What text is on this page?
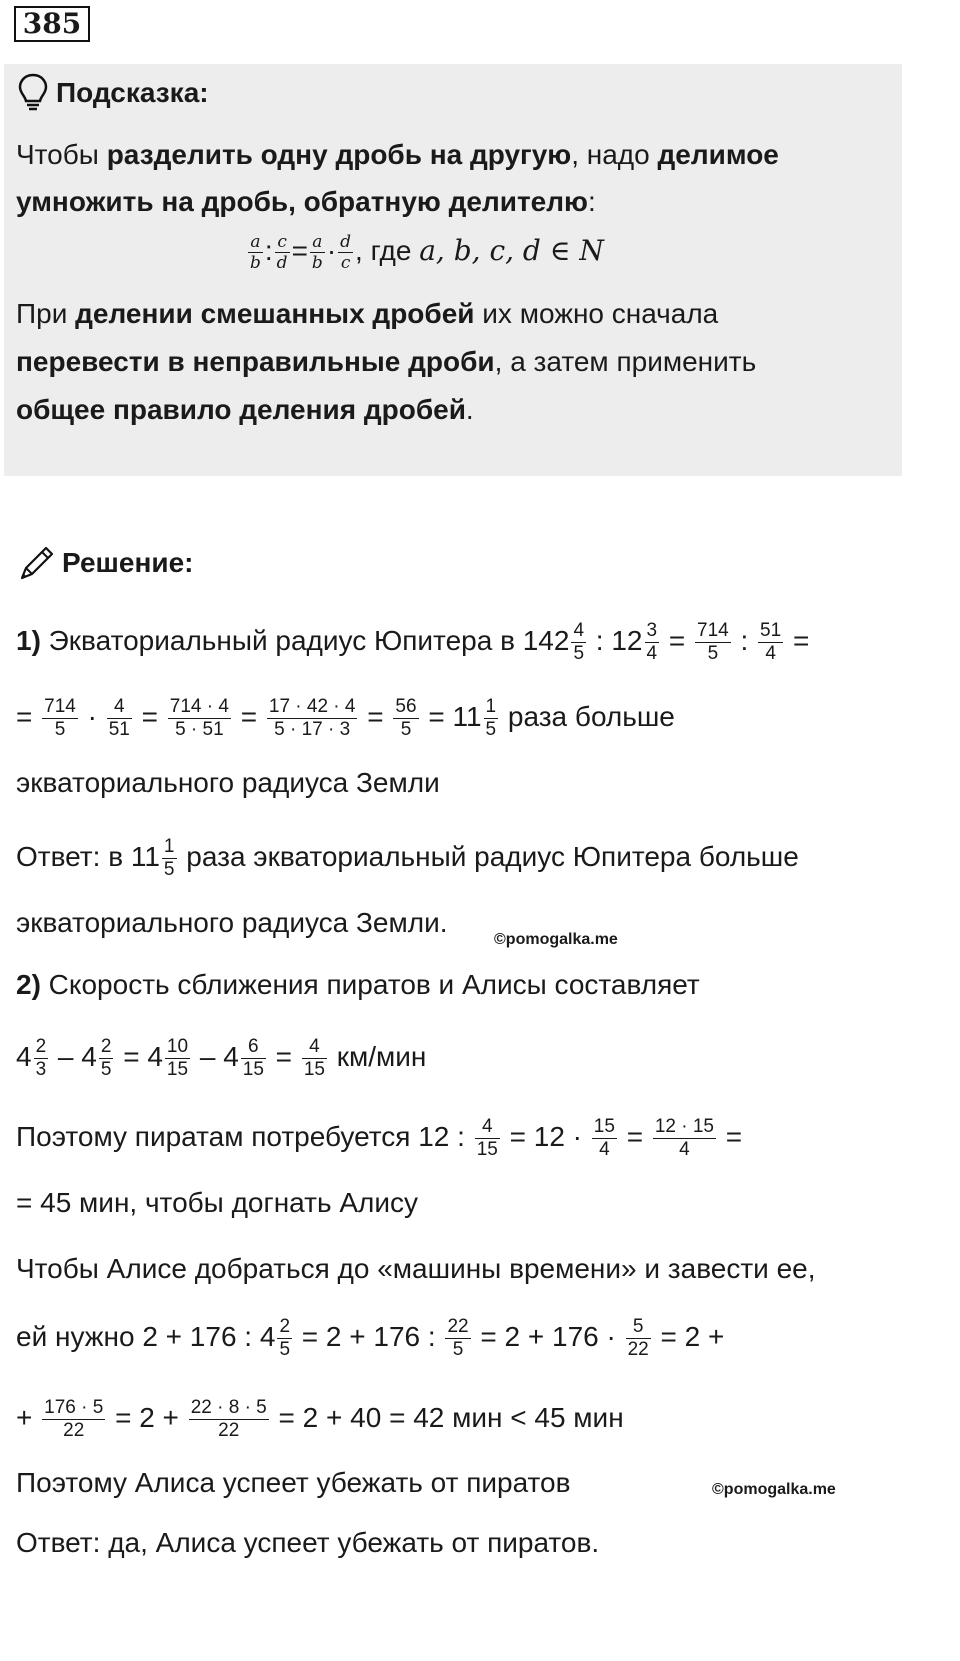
385
Подсказка:
Чтобы разделить одну дробь на другую, надо делимое
умножить на дробь, обратную делителю:
$\frac{a}{b}$ : $\frac{c}{d} = \frac{a}{b} \cdot \frac{d}{c}$ , где a, b, c, d ∈ N
При делении смешанных дробей их можно сначала
перевести в неправильные дроби, а затем применить
общее правило деления дробей.
Решение:
1) Экваториальный радиус Юпитера в $142 \frac{4}{5}$ : $12 \frac{3}{4} = \frac{714}{5}$ : $\frac{51}{4}$ =
= $\frac{714}{5} \cdot \frac{4}{51} = \frac{714 \cdot 4}{5 \cdot 51} = \frac{17 \cdot 42 \cdot 4}{5 \cdot 17 \cdot 3} = \frac{56}{5} = 11 \frac{1}{5}$ раза больше
экваториального радиуса Земли
Ответ: в $11 \frac{1}{5}$ раза экваториальный радиус Юпитера больше
экваториального радиуса Земли.
©pomogalka.me
2) Скорость сближения пиратов и Алисы составляет
$4 \frac{2}{3} - 4 \frac{2}{5} = 4 \frac{10}{15} - 4 \frac{6}{15} = \frac{4}{15} км/мин$
Поэтому пиратам потребуется 12 : $\frac{4}{15} = 12 \cdot \frac{15}{4} = \frac{12 \cdot 15}{4}$ =
= 45 мин, чтобы догнать Алису
Чтобы Алисе добраться до «машины времени» и завести ее,
ей нужно 2 + 176 : $4 \frac{2}{5} = 2 + 176$ : $\frac{22}{5} = 2 + 176 \cdot \frac{5}{22} = 2$ +
+ $\frac{176 \cdot 5}{22} = 2 + \frac{22 \cdot 8 \cdot 5}{22} = 2 + 40 = 42$ мин < 45 мин
Поэтому Алиса успеет убежать от пиратов	©pomogalka.me
Ответ: да, Алиса успеет убежать от пиратов.
